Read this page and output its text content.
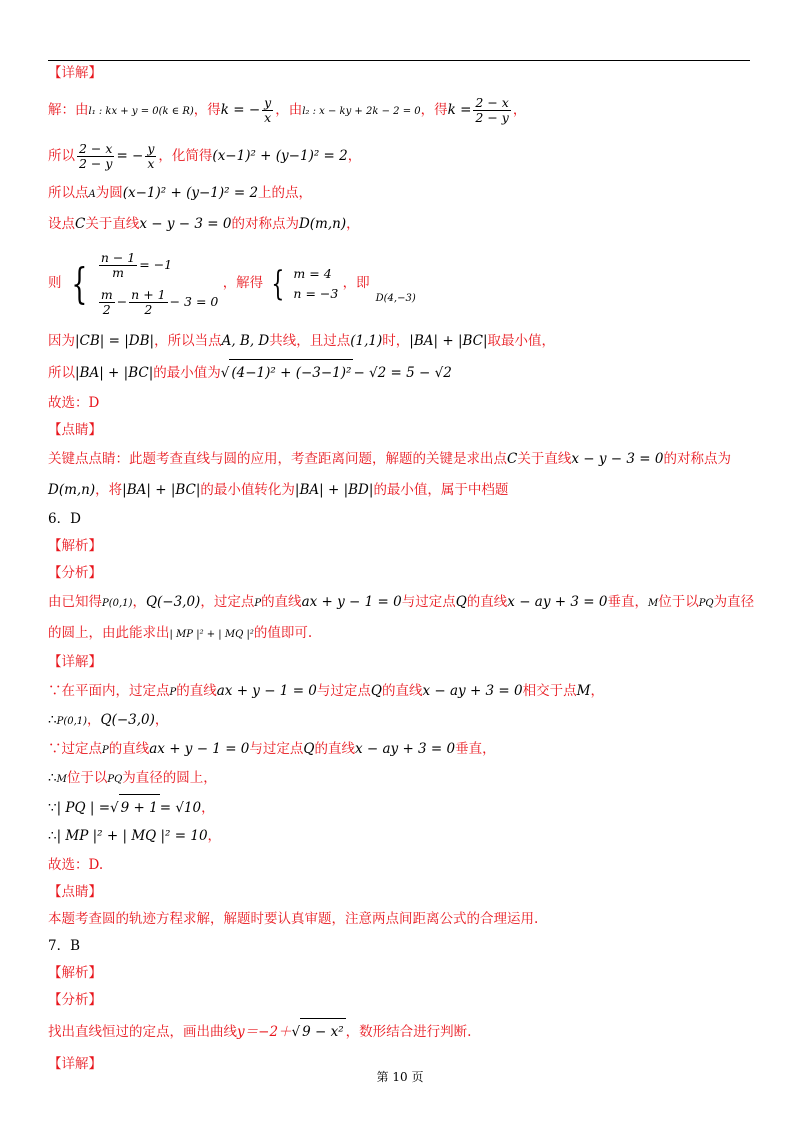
【详解】
解：由l₁ : kx + y = 0(k ∈ R)，得k = − $\frac{y}{x}$ ，由l₂ : x − ky + 2k − 2 = 0，得$k = \frac{2 - x}{2 - y}$ ，
所以 $\frac{2 - x}{2 - y}$ = − $\frac{y}{x}$ ，化简得(x−1)² + (y−1)² = 2，
所以点A为圆(x−1)² + (y−1)² = 2上的点，
设点C关于直线x − y − 3 = 0的对称点为D(m,n)，
则 { $\frac{n - 1}{m} = -1$
$\frac{m}{2} - \frac{n + 1}{2} - 3 = 0$
，解得 { m = 4
n = −3
，即$_{D(4,-3)}$
因为|CB| = |DB|，所以当点A, B, D共线，且过点(1,1)时，|BA| + |BC|取最小值，
所以|BA| + |BC|的最小值为√ (4−1)² + (−3−1)² − √2 = 5 − √2
故选：D
【点睛】
关键点点睛：此题考查直线与圆的应用，考查距离问题，解题的关键是求出点C关于直线x − y − 3 = 0的对称点为
D(m,n)，将|BA| + |BC|的最小值转化为|BA| + |BD|的最小值，属于中档题
6．D
【解析】
【分析】
由已知得P(0,1)，Q(−3,0)，过定点P的直线ax + y − 1 = 0与过定点Q的直线x − ay + 3 = 0垂直，M位于以PQ为直径
的圆上，由此能求出| MP |² + | MQ |²的值即可.
【详解】
∵在平面内，过定点P的直线ax + y − 1 = 0与过定点Q的直线x − ay + 3 = 0相交于点M，
∴P(0,1)，Q(−3,0)，
∵过定点P的直线ax + y − 1 = 0与过定点Q的直线x − ay + 3 = 0垂直，
∴M位于以PQ为直径的圆上，
∵| PQ | =√ 9 + 1 = √10，
∴| MP |² + | MQ |² = 10，
故选：D.
【点睛】
本题考查圆的轨迹方程求解，解题时要认真审题，注意两点间距离公式的合理运用.
7．B
【解析】
【分析】
找出直线恒过的定点，画出曲线y＝−2＋√ 9 − x² ，数形结合进行判断.
【详解】
第 10 页
